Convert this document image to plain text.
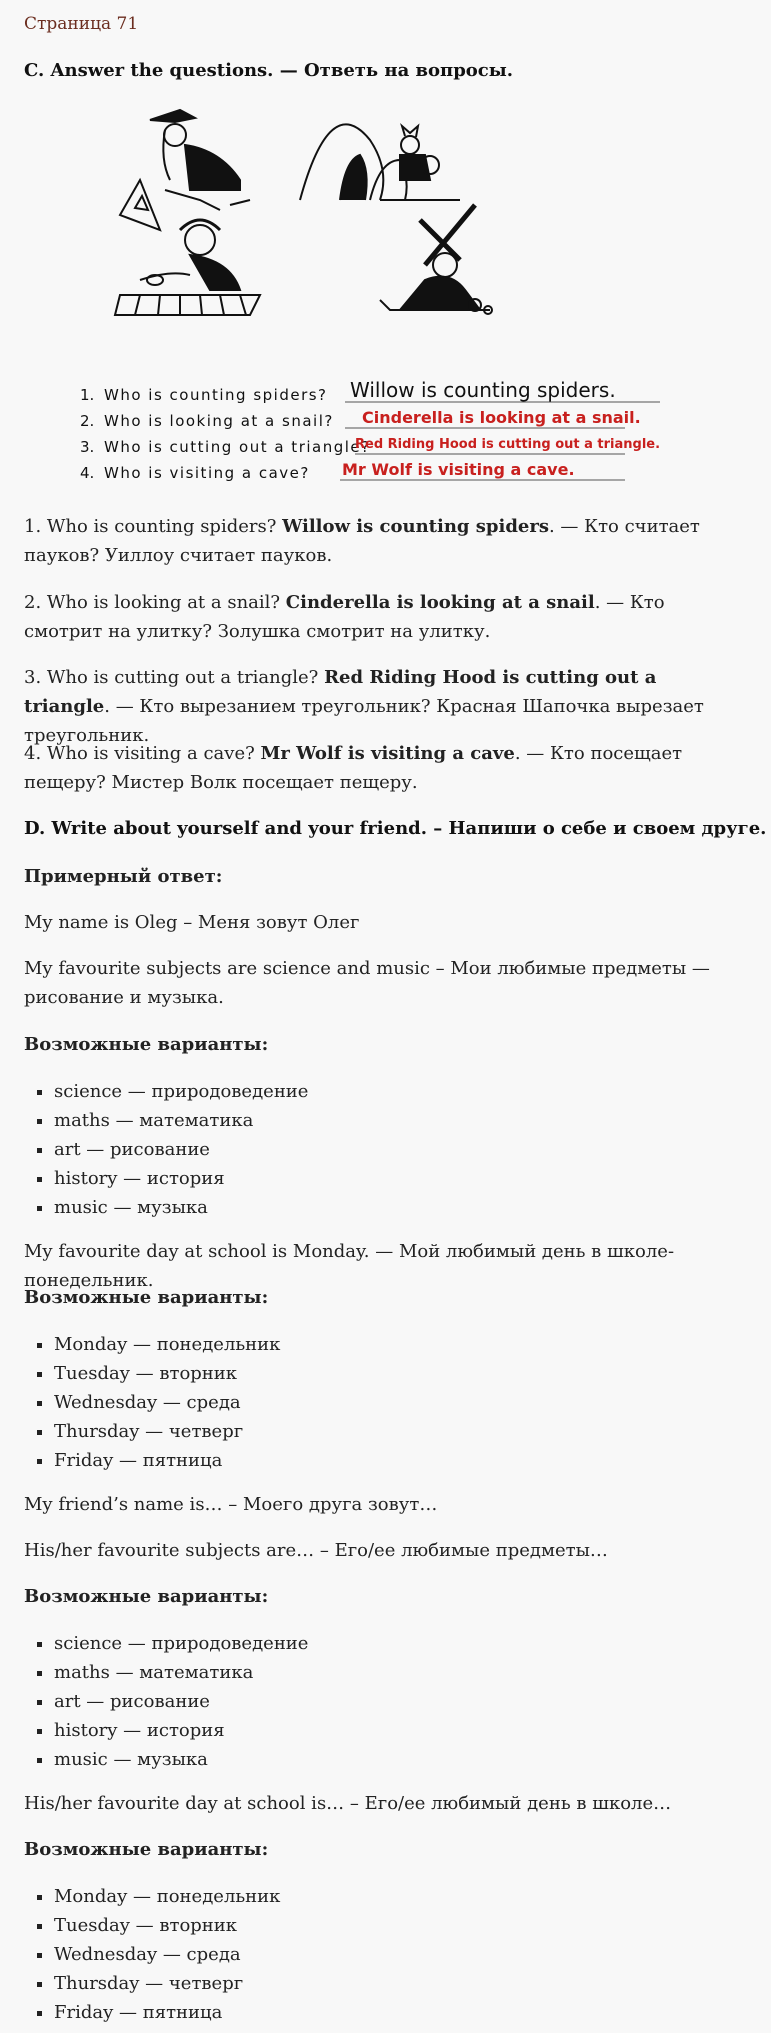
Страница 71
C. Answer the questions. — Ответь на вопросы.
1. Who is counting spiders?
2. Who is looking at a snail?
3. Who is cutting out a triangle?
4. Who is visiting a cave?
Willow is counting spiders.
Cinderella is looking at a snail.
Red Riding Hood is cutting out a triangle.
Mr Wolf is visiting a cave.
1. Who is counting spiders? Willow is counting spiders. — Кто считает пауков? Уиллоу считает пауков.
2. Who is looking at a snail? Cinderella is looking at a snail. — Кто смотрит на улитку? Золушка смотрит на улитку.
3. Who is cutting out a triangle? Red Riding Hood is cutting out a triangle. — Кто вырезанием треугольник? Красная Шапочка вырезает треугольник.
4. Who is visiting a cave? Mr Wolf is visiting a cave. — Кто посещает пещеру? Мистер Волк посещает пещеру.
D. Write about yourself and your friend. – Напиши о себе и своем друге.
Примерный ответ:
My name is Oleg – Меня зовут Олег
My favourite subjects are science and music – Мои любимые предметы — рисование и музыка.
Возможные варианты:
▪ science — природоведение
▪ maths — математика
▪ art — рисование
▪ history — история
▪ music — музыка
My favourite day at school is Monday. — Мой любимый день в школе-понедельник.
Возможные варианты:
▪ Monday — понедельник
▪ Tuesday — вторник
▪ Wednesday — среда
▪ Thursday — четверг
▪ Friday — пятница
My friend’s name is… – Моего друга зовут…
His/her favourite subjects are… – Его/ее любимые предметы…
Возможные варианты:
▪ science — природоведение
▪ maths — математика
▪ art — рисование
▪ history — история
▪ music — музыка
His/her favourite day at school is… – Его/ее любимый день в школе…
Возможные варианты:
▪ Monday — понедельник
▪ Tuesday — вторник
▪ Wednesday — среда
▪ Thursday — четверг
▪ Friday — пятница
